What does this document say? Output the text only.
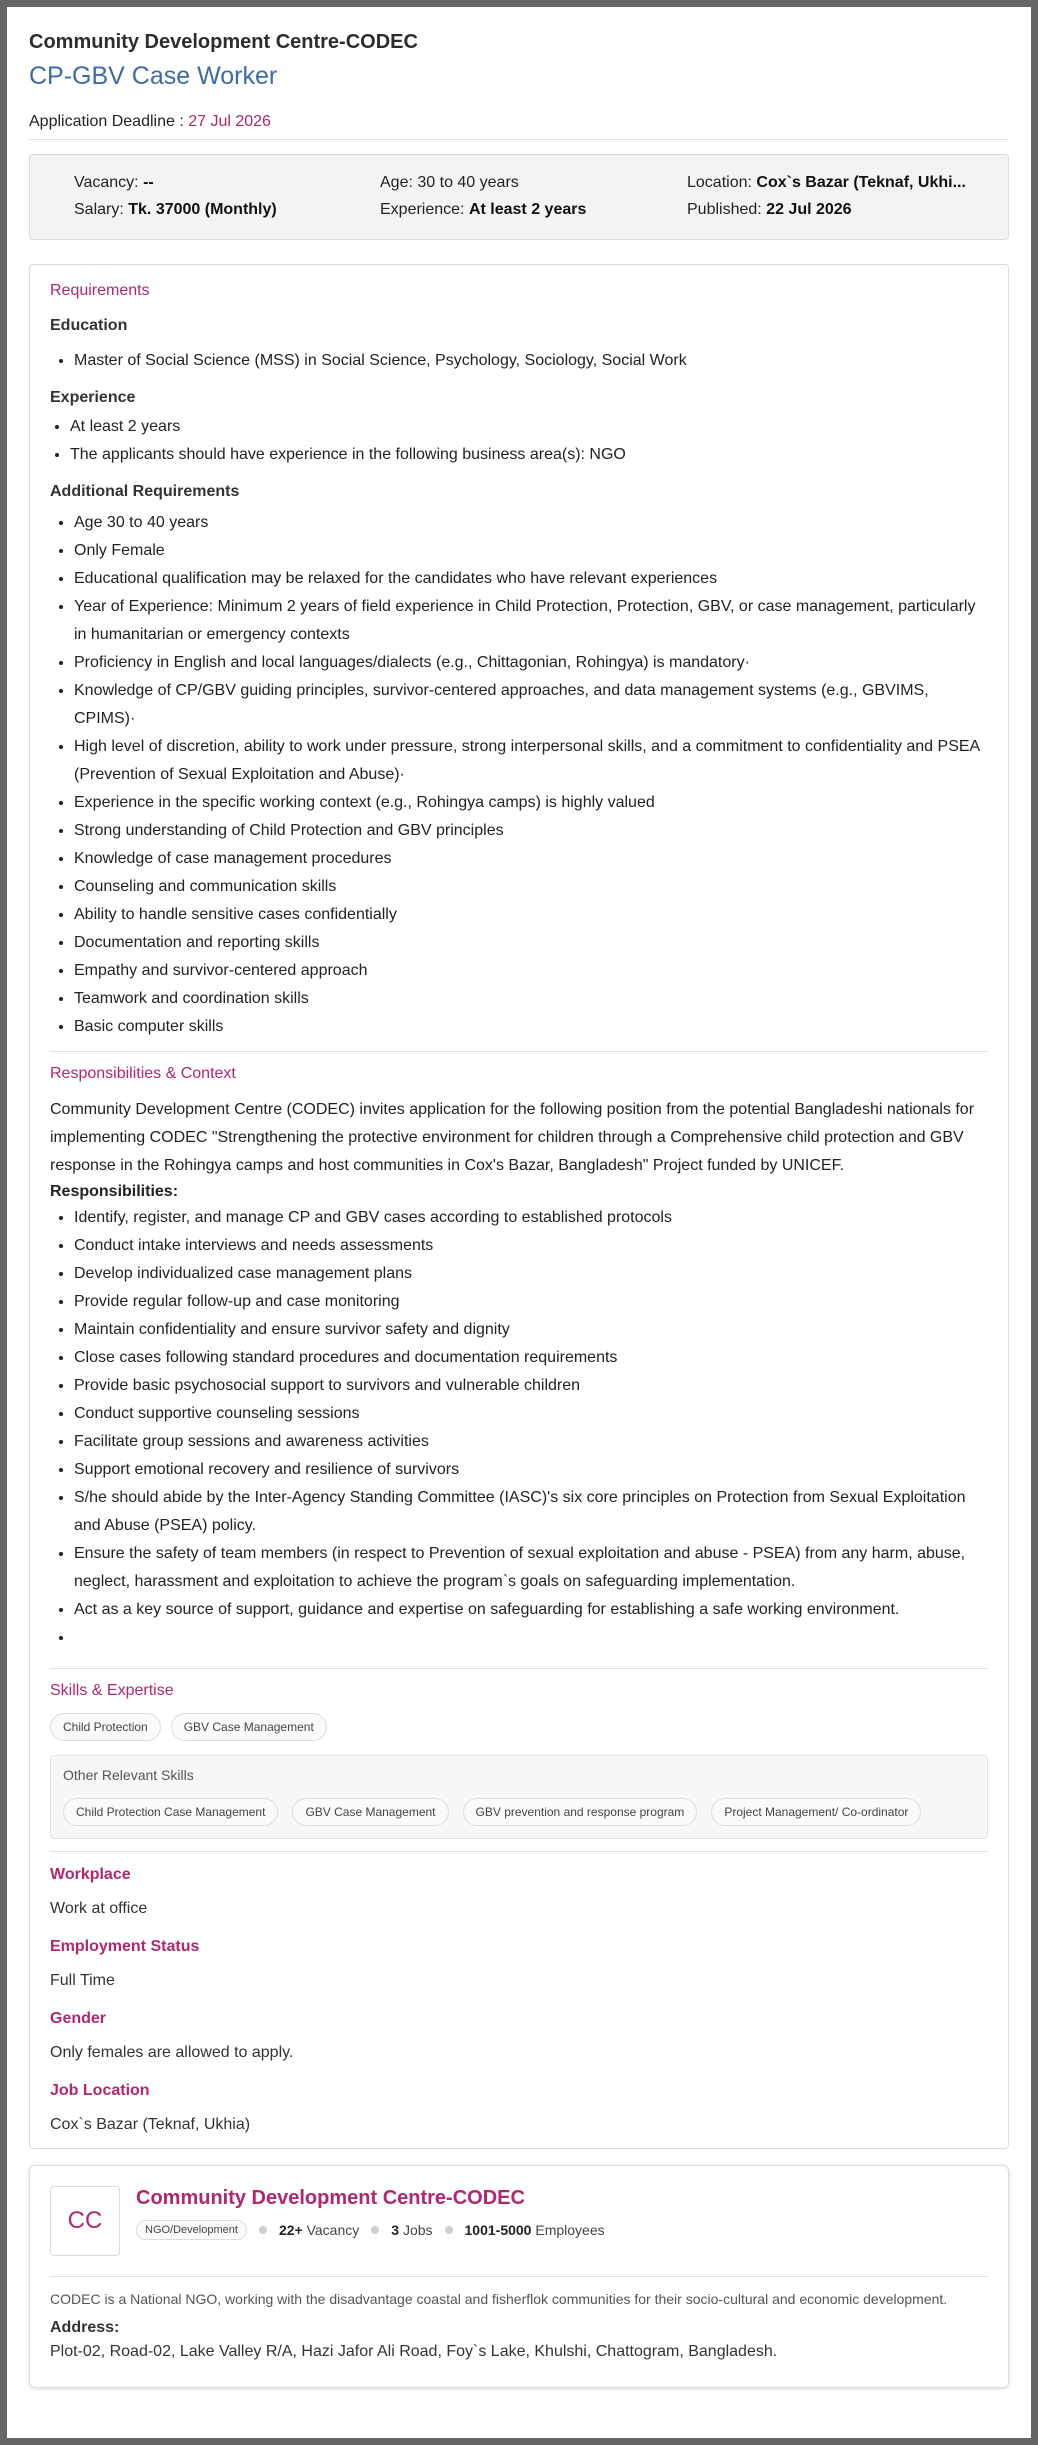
Community Development Centre-CODEC
CP-GBV Case Worker
Application Deadline : 27 Jul 2026
Vacancy: --
Salary: Tk. 37000 (Monthly)
Age: 30 to 40 years
Experience: At least 2 years
Location: Cox`s Bazar (Teknaf, Ukhi...
Published: 22 Jul 2026
Requirements
Education
• Master of Social Science (MSS) in Social Science, Psychology, Sociology, Social Work
Experience
• At least 2 years
• The applicants should have experience in the following business area(s): NGO
Additional Requirements
• Age 30 to 40 years
• Only Female
• Educational qualification may be relaxed for the candidates who have relevant experiences
• Year of Experience: Minimum 2 years of field experience in Child Protection, Protection, GBV, or case management, particularly in humanitarian or emergency contexts
• Proficiency in English and local languages/dialects (e.g., Chittagonian, Rohingya) is mandatory·
• Knowledge of CP/GBV guiding principles, survivor-centered approaches, and data management systems (e.g., GBVIMS, CPIMS)·
• High level of discretion, ability to work under pressure, strong interpersonal skills, and a commitment to confidentiality and PSEA (Prevention of Sexual Exploitation and Abuse)·
• Experience in the specific working context (e.g., Rohingya camps) is highly valued
• Strong understanding of Child Protection and GBV principles
• Knowledge of case management procedures
• Counseling and communication skills
• Ability to handle sensitive cases confidentially
• Documentation and reporting skills
• Empathy and survivor-centered approach
• Teamwork and coordination skills
• Basic computer skills
Responsibilities & Context
Community Development Centre (CODEC) invites application for the following position from the potential Bangladeshi nationals for implementing CODEC "Strengthening the protective environment for children through a Comprehensive child protection and GBV response in the Rohingya camps and host communities in Cox's Bazar, Bangladesh" Project funded by UNICEF.
Responsibilities:
• Identify, register, and manage CP and GBV cases according to established protocols
• Conduct intake interviews and needs assessments
• Develop individualized case management plans
• Provide regular follow-up and case monitoring
• Maintain confidentiality and ensure survivor safety and dignity
• Close cases following standard procedures and documentation requirements
• Provide basic psychosocial support to survivors and vulnerable children
• Conduct supportive counseling sessions
• Facilitate group sessions and awareness activities
• Support emotional recovery and resilience of survivors
• S/he should abide by the Inter-Agency Standing Committee (IASC)'s six core principles on Protection from Sexual Exploitation and Abuse (PSEA) policy.
• Ensure the safety of team members (in respect to Prevention of sexual exploitation and abuse - PSEA) from any harm, abuse, neglect, harassment and exploitation to achieve the program`s goals on safeguarding implementation.
• Act as a key source of support, guidance and expertise on safeguarding for establishing a safe working environment.
•
Skills & Expertise
Child Protection	GBV Case Management
Other Relevant Skills
Child Protection Case Management	GBV Case Management	GBV prevention and response program	Project Management/ Co-ordinator
Workplace
Work at office
Employment Status
Full Time
Gender
Only females are allowed to apply.
Job Location
Cox`s Bazar (Teknaf, Ukhia)
CC
Community Development Centre-CODEC
NGO/Development	22+ Vacancy 3 Jobs 1001-5000 Employees
CODEC is a National NGO, working with the disadvantage coastal and fisherflok communities for their socio-cultural and economic development.
Address:
Plot-02, Road-02, Lake Valley R/A, Hazi Jafor Ali Road, Foy`s Lake, Khulshi, Chattogram, Bangladesh.
